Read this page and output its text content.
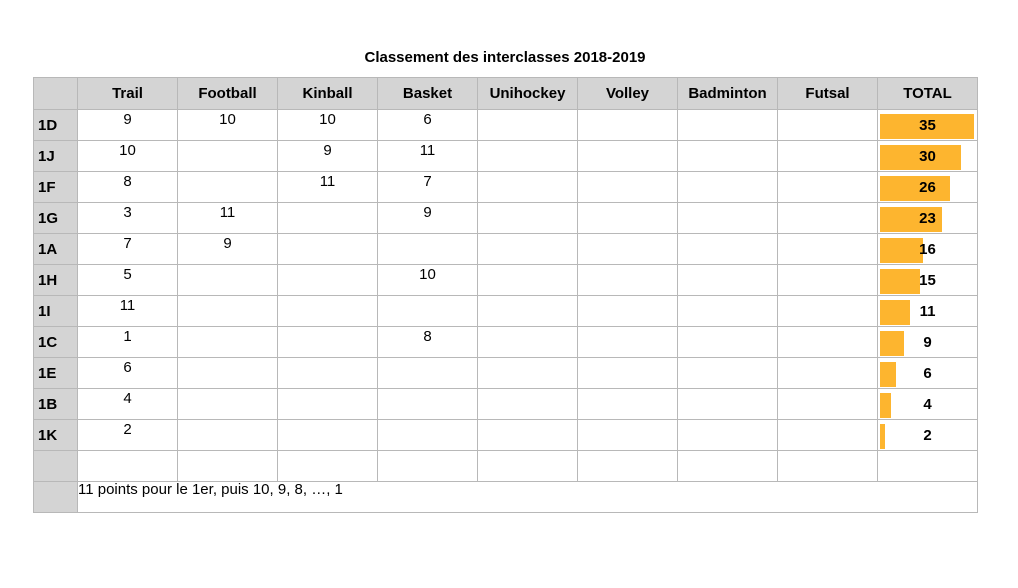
Classement des interclasses 2018-2019
	Trail	Football	Kinball	Basket	Unihockey	Volley	Badminton	Futsal	TOTAL
1D	9	10	10	6					35

1J	10		9	11					30

1F	8		11	7					26

1G	3	11		9					23

1A	7	9							16

1H	5			10					15

1I	11								11

1C	1			8					9

1E	6								6

1B	4								4

1K	2								2

	11 points pour le 1er, puis 10, 9, 8, …, 1								
